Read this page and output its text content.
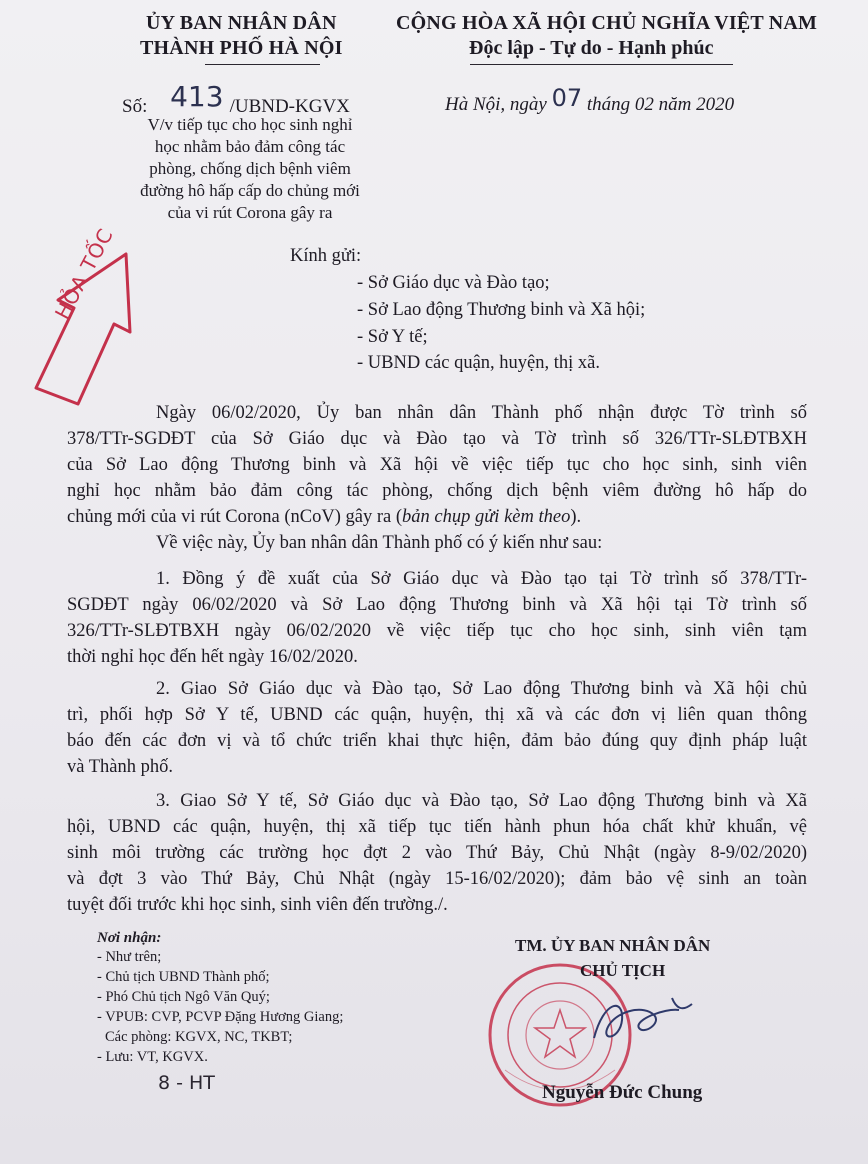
ỦY BAN NHÂN DÂN
THÀNH PHỐ HÀ NỘI
CỘNG HÒA XÃ HỘI CHỦ NGHĨA VIỆT NAM
Độc lập - Tự do - Hạnh phúc
Số: 413 /UBND-KGVX	Hà Nội, ngày 07 tháng 02 năm 2020
V/v tiếp tục cho học sinh nghỉ
học nhằm bảo đảm công tác
phòng, chống dịch bệnh viêm
đường hô hấp cấp do chủng mới
của vi rút Corona gây ra
HỎA TỐC	Kính gửi:
- Sở Giáo dục và Đào tạo;
- Sở Lao động Thương binh và Xã hội;
- Sở Y tế;
- UBND các quận, huyện, thị xã.
Ngày 06/02/2020, Ủy ban nhân dân Thành phố nhận được Tờ trình số
378/TTr-SGDĐT của Sở Giáo dục và Đào tạo và Tờ trình số 326/TTr-SLĐTBXH
của Sở Lao động Thương binh và Xã hội về việc tiếp tục cho học sinh, sinh viên
nghỉ học nhằm bảo đảm công tác phòng, chống dịch bệnh viêm đường hô hấp do
chủng mới của vi rút Corona (nCoV) gây ra (bản chụp gửi kèm theo).
Về việc này, Ủy ban nhân dân Thành phố có ý kiến như sau:
1. Đồng ý đề xuất của Sở Giáo dục và Đào tạo tại Tờ trình số 378/TTr-
SGDĐT ngày 06/02/2020 và Sở Lao động Thương binh và Xã hội tại Tờ trình số
326/TTr-SLĐTBXH ngày 06/02/2020 về việc tiếp tục cho học sinh, sinh viên tạm
thời nghỉ học đến hết ngày 16/02/2020.
2. Giao Sở Giáo dục và Đào tạo, Sở Lao động Thương binh và Xã hội chủ
trì, phối hợp Sở Y tế, UBND các quận, huyện, thị xã và các đơn vị liên quan thông
báo đến các đơn vị và tổ chức triển khai thực hiện, đảm bảo đúng quy định pháp luật
và Thành phố.
3. Giao Sở Y tế, Sở Giáo dục và Đào tạo, Sở Lao động Thương binh và Xã
hội, UBND các quận, huyện, thị xã tiếp tục tiến hành phun hóa chất khử khuẩn, vệ
sinh môi trường các trường học đợt 2 vào Thứ Bảy, Chủ Nhật (ngày 8-9/02/2020)
và đợt 3 vào Thứ Bảy, Chủ Nhật (ngày 15-16/02/2020); đảm bảo vệ sinh an toàn
tuyệt đối trước khi học sinh, sinh viên đến trường./.
Nơi nhận:
- Như trên;
- Chủ tịch UBND Thành phố;
- Phó Chủ tịch Ngô Văn Quý;
- VPUB: CVP, PCVP Đặng Hương Giang;
Các phòng: KGVX, NC, TKBT;
- Lưu: VT, KGVX.
8 - HT
TM. ỦY BAN NHÂN DÂN
CHỦ TỊCH
Nguyễn Đức Chung
